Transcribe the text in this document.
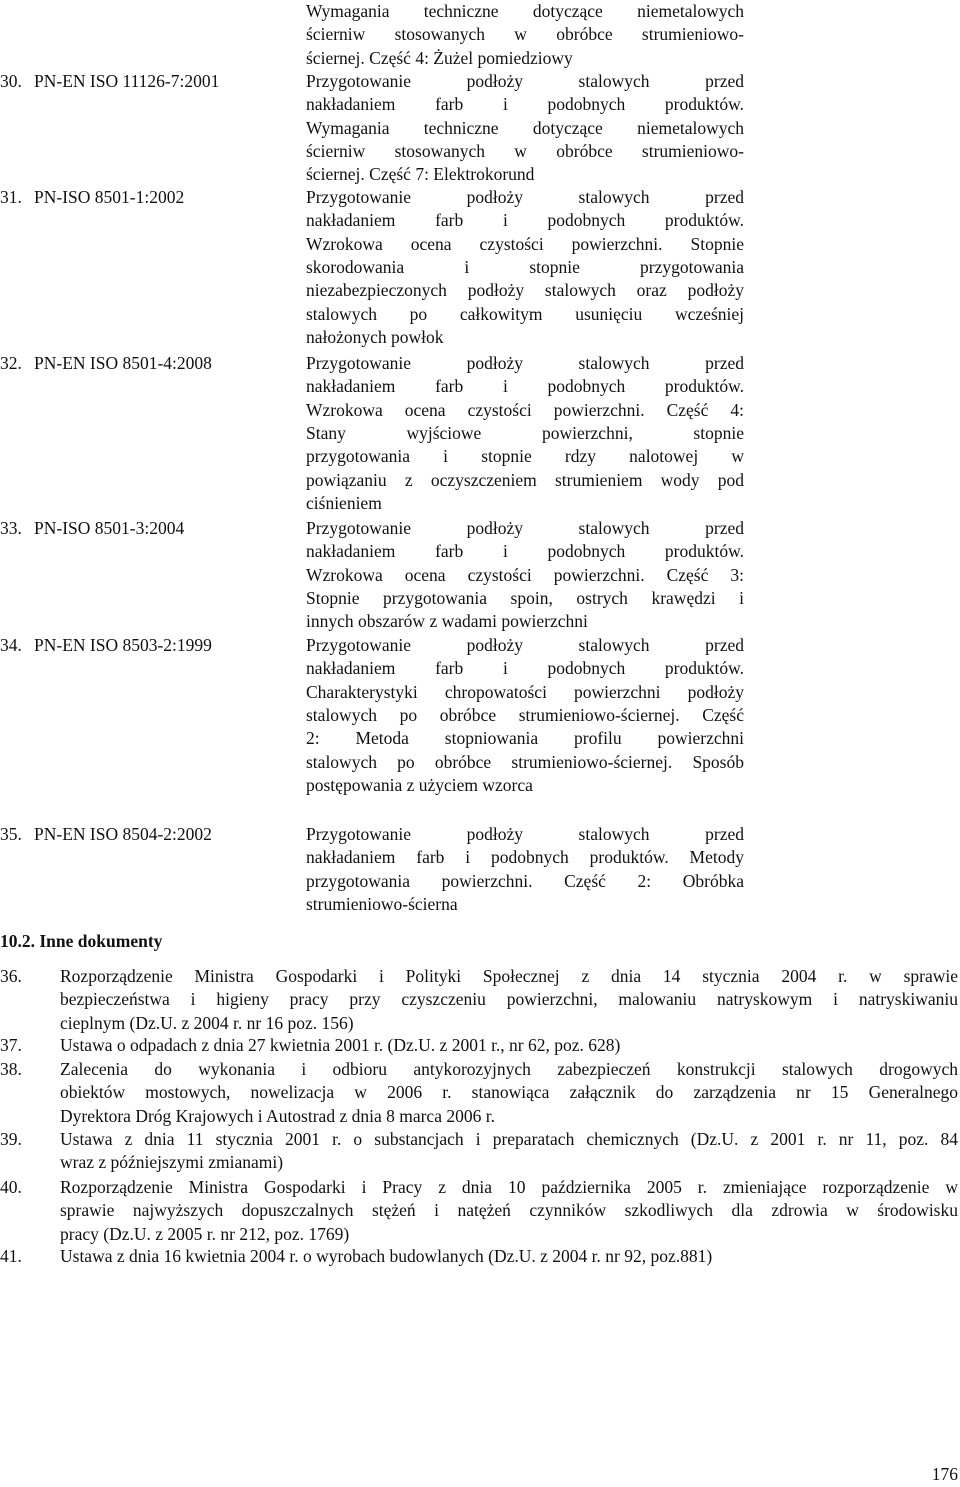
Wymagania techniczne dotyczące niemetalowych
ścierniw stosowanych w obróbce strumieniowo-
ściernej. Część 4: Żużel pomiedziowy
30. PN-EN ISO 11126-7:2001	Przygotowanie podłoży stalowych przed
nakładaniem farb i podobnych produktów.
Wymagania techniczne dotyczące niemetalowych
ścierniw stosowanych w obróbce strumieniowo-
ściernej. Część 7: Elektrokorund
31. PN-ISO 8501-1:2002	Przygotowanie podłoży stalowych przed
nakładaniem farb i podobnych produktów.
Wzrokowa ocena czystości powierzchni. Stopnie
skorodowania i stopnie przygotowania
niezabezpieczonych podłoży stalowych oraz podłoży
stalowych po całkowitym usunięciu wcześniej
nałożonych powłok
32. PN-EN ISO 8501-4:2008	Przygotowanie podłoży stalowych przed
nakładaniem farb i podobnych produktów.
Wzrokowa ocena czystości powierzchni. Część 4:
Stany wyjściowe powierzchni, stopnie
przygotowania i stopnie rdzy nalotowej w
powiązaniu z oczyszczeniem strumieniem wody pod
ciśnieniem
33. PN-ISO 8501-3:2004	Przygotowanie podłoży stalowych przed
nakładaniem farb i podobnych produktów.
Wzrokowa ocena czystości powierzchni. Część 3:
Stopnie przygotowania spoin, ostrych krawędzi i
innych obszarów z wadami powierzchni
34. PN-EN ISO 8503-2:1999	Przygotowanie podłoży stalowych przed
nakładaniem farb i podobnych produktów.
Charakterystyki chropowatości powierzchni podłoży
stalowych po obróbce strumieniowo-ściernej. Część
2: Metoda stopniowania profilu powierzchni
stalowych po obróbce strumieniowo-ściernej. Sposób
postępowania z użyciem wzorca
35. PN-EN ISO 8504-2:2002	Przygotowanie podłoży stalowych przed
nakładaniem farb i podobnych produktów. Metody
przygotowania powierzchni. Część 2: Obróbka
strumieniowo-ścierna
10.2. Inne dokumenty
36. Rozporządzenie Ministra Gospodarki i Polityki Społecznej z dnia 14 stycznia 2004 r. w sprawie
bezpieczeństwa i higieny pracy przy czyszczeniu powierzchni, malowaniu natryskowym i natryskiwaniu
cieplnym (Dz.U. z 2004 r. nr 16 poz. 156)
37. Ustawa o odpadach z dnia 27 kwietnia 2001 r. (Dz.U. z 2001 r., nr 62, poz. 628)
38. Zalecenia do wykonania i odbioru antykorozyjnych zabezpieczeń konstrukcji stalowych drogowych
obiektów mostowych, nowelizacja w 2006 r. stanowiąca załącznik do zarządzenia nr 15 Generalnego
Dyrektora Dróg Krajowych i Autostrad z dnia 8 marca 2006 r.
39. Ustawa z dnia 11 stycznia 2001 r. o substancjach i preparatach chemicznych (Dz.U. z 2001 r. nr 11, poz. 84
wraz z późniejszymi zmianami)
40. Rozporządzenie Ministra Gospodarki i Pracy z dnia 10 października 2005 r. zmieniające rozporządzenie w
sprawie najwyższych dopuszczalnych stężeń i natężeń czynników szkodliwych dla zdrowia w środowisku
pracy (Dz.U. z 2005 r. nr 212, poz. 1769)
41. Ustawa z dnia 16 kwietnia 2004 r. o wyrobach budowlanych (Dz.U. z 2004 r. nr 92, poz.881)
176
